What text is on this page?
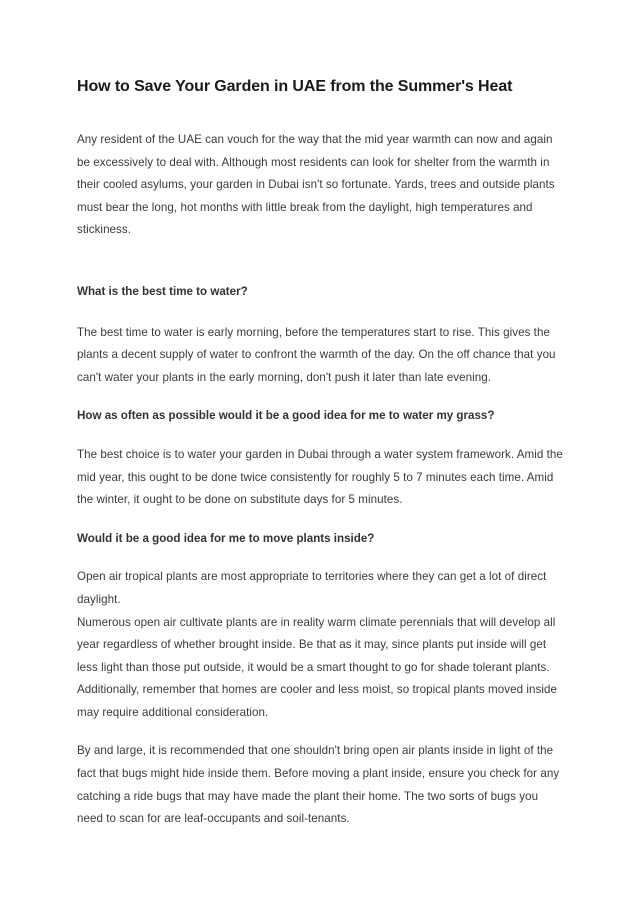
How to Save Your Garden in UAE from the Summer's Heat

Any resident of the UAE can vouch for the way that the mid year warmth can now and again be excessively to deal with. Although most residents can look for shelter from the warmth in their cooled asylums, your garden in Dubai isn't so fortunate. Yards, trees and outside plants must bear the long, hot months with little break from the daylight, high temperatures and stickiness.

What is the best time to water?

The best time to water is early morning, before the temperatures start to rise. This gives the plants a decent supply of water to confront the warmth of the day. On the off chance that you can't water your plants in the early morning, don't push it later than late evening.

How as often as possible would it be a good idea for me to water my grass?

The best choice is to water your garden in Dubai through a water system framework. Amid the mid year, this ought to be done twice consistently for roughly 5 to 7 minutes each time. Amid the winter, it ought to be done on substitute days for 5 minutes.

Would it be a good idea for me to move plants inside?

Open air tropical plants are most appropriate to territories where they can get a lot of direct daylight.

Numerous open air cultivate plants are in reality warm climate perennials that will develop all year regardless of whether brought inside. Be that as it may, since plants put inside will get less light than those put outside, it would be a smart thought to go for shade tolerant plants. Additionally, remember that homes are cooler and less moist, so tropical plants moved inside may require additional consideration.

By and large, it is recommended that one shouldn't bring open air plants inside in light of the fact that bugs might hide inside them. Before moving a plant inside, ensure you check for any catching a ride bugs that may have made the plant their home. The two sorts of bugs you need to scan for are leaf-occupants and soil-tenants.
